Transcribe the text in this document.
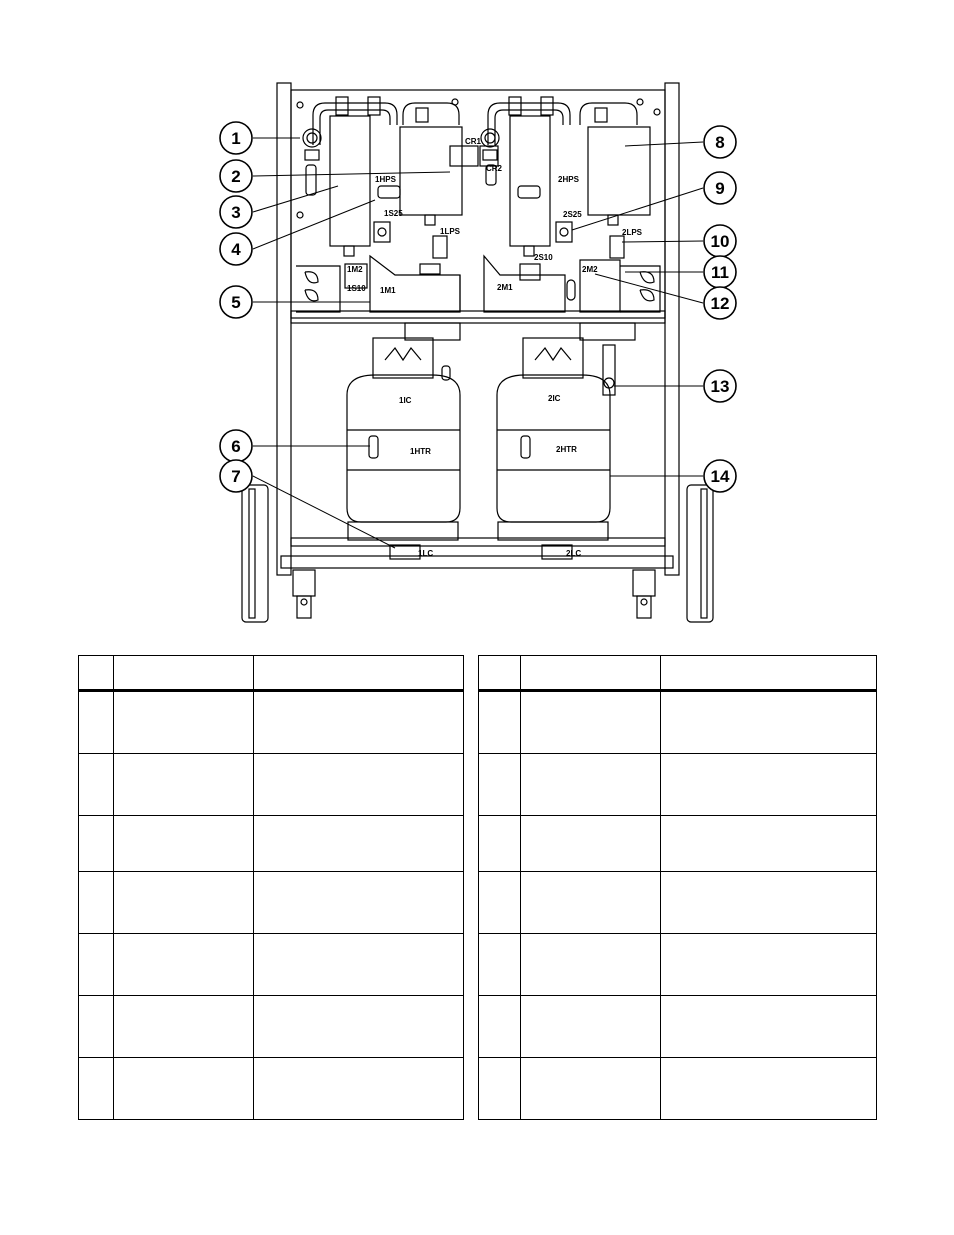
1
2
3
4
5
6
7
8
9
10
11
12
13
14
1HPS	2HPS
1S25	2S25
1LPS	2LPS
2S10
1M2	2M2
1S10 1M1	2M1
CR1
CR2
1IC	2IC
1HTR	2HTR
1LC	2LC
